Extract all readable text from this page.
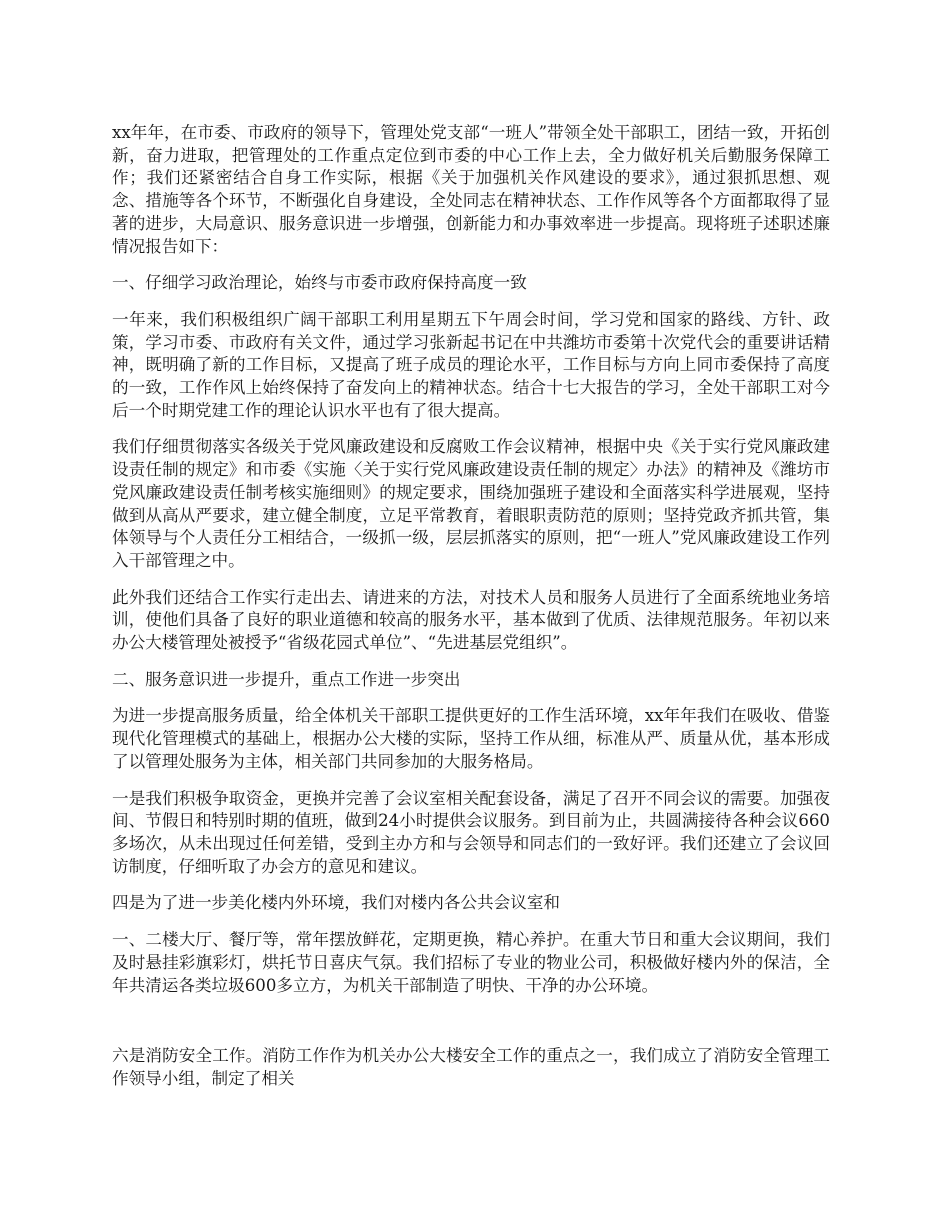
xx年年，在市委、市政府的领导下，管理处党支部“一班人”带领全处干部职工，团结一致，开拓创新，奋力进取，把管理处的工作重点定位到市委的中心工作上去，全力做好机关后勤服务保障工作；我们还紧密结合自身工作实际，根据《关于加强机关作风建设的要求》，通过狠抓思想、观念、措施等各个环节，不断强化自身建设，全处同志在精神状态、工作作风等各个方面都取得了显著的进步，大局意识、服务意识进一步增强，创新能力和办事效率进一步提高。现将班子述职述廉情况报告如下：

一、仔细学习政治理论，始终与市委市政府保持高度一致

一年来，我们积极组织广阔干部职工利用星期五下午周会时间，学习党和国家的路线、方针、政策，学习市委、市政府有关文件，通过学习张新起书记在中共潍坊市委第十次党代会的重要讲话精神，既明确了新的工作目标，又提高了班子成员的理论水平，工作目标与方向上同市委保持了高度的一致，工作作风上始终保持了奋发向上的精神状态。结合十七大报告的学习，全处干部职工对今后一个时期党建工作的理论认识水平也有了很大提高。

我们仔细贯彻落实各级关于党风廉政建设和反腐败工作会议精神，根据中央《关于实行党风廉政建设责任制的规定》和市委《实施〈关于实行党风廉政建设责任制的规定〉办法》的精神及《潍坊市党风廉政建设责任制考核实施细则》的规定要求，围绕加强班子建设和全面落实科学进展观，坚持做到从高从严要求，建立健全制度，立足平常教育，着眼职责防范的原则；坚持党政齐抓共管，集体领导与个人责任分工相结合，一级抓一级，层层抓落实的原则，把“一班人”党风廉政建设工作列入干部管理之中。

此外我们还结合工作实行走出去、请进来的方法，对技术人员和服务人员进行了全面系统地业务培训，使他们具备了良好的职业道德和较高的服务水平，基本做到了优质、法律规范服务。年初以来办公大楼管理处被授予“省级花园式单位”、“先进基层党组织”。

二、服务意识进一步提升，重点工作进一步突出

为进一步提高服务质量，给全体机关干部职工提供更好的工作生活环境，xx年年我们在吸收、借鉴现代化管理模式的基础上，根据办公大楼的实际，坚持工作从细，标准从严、质量从优，基本形成了以管理处服务为主体，相关部门共同参加的大服务格局。

一是我们积极争取资金，更换并完善了会议室相关配套设备，满足了召开不同会议的需要。加强夜间、节假日和特别时期的值班，做到24小时提供会议服务。到目前为止，共圆满接待各种会议660多场次，从未出现过任何差错，受到主办方和与会领导和同志们的一致好评。我们还建立了会议回访制度，仔细听取了办会方的意见和建议。

四是为了进一步美化楼内外环境，我们对楼内各公共会议室和

一、二楼大厅、餐厅等，常年摆放鲜花，定期更换，精心养护。在重大节日和重大会议期间，我们及时悬挂彩旗彩灯，烘托节日喜庆气氛。我们招标了专业的物业公司，积极做好楼内外的保洁，全年共清运各类垃圾600多立方，为机关干部制造了明快、干净的办公环境。

六是消防安全工作。消防工作作为机关办公大楼安全工作的重点之一，我们成立了消防安全管理工作领导小组，制定了相关
